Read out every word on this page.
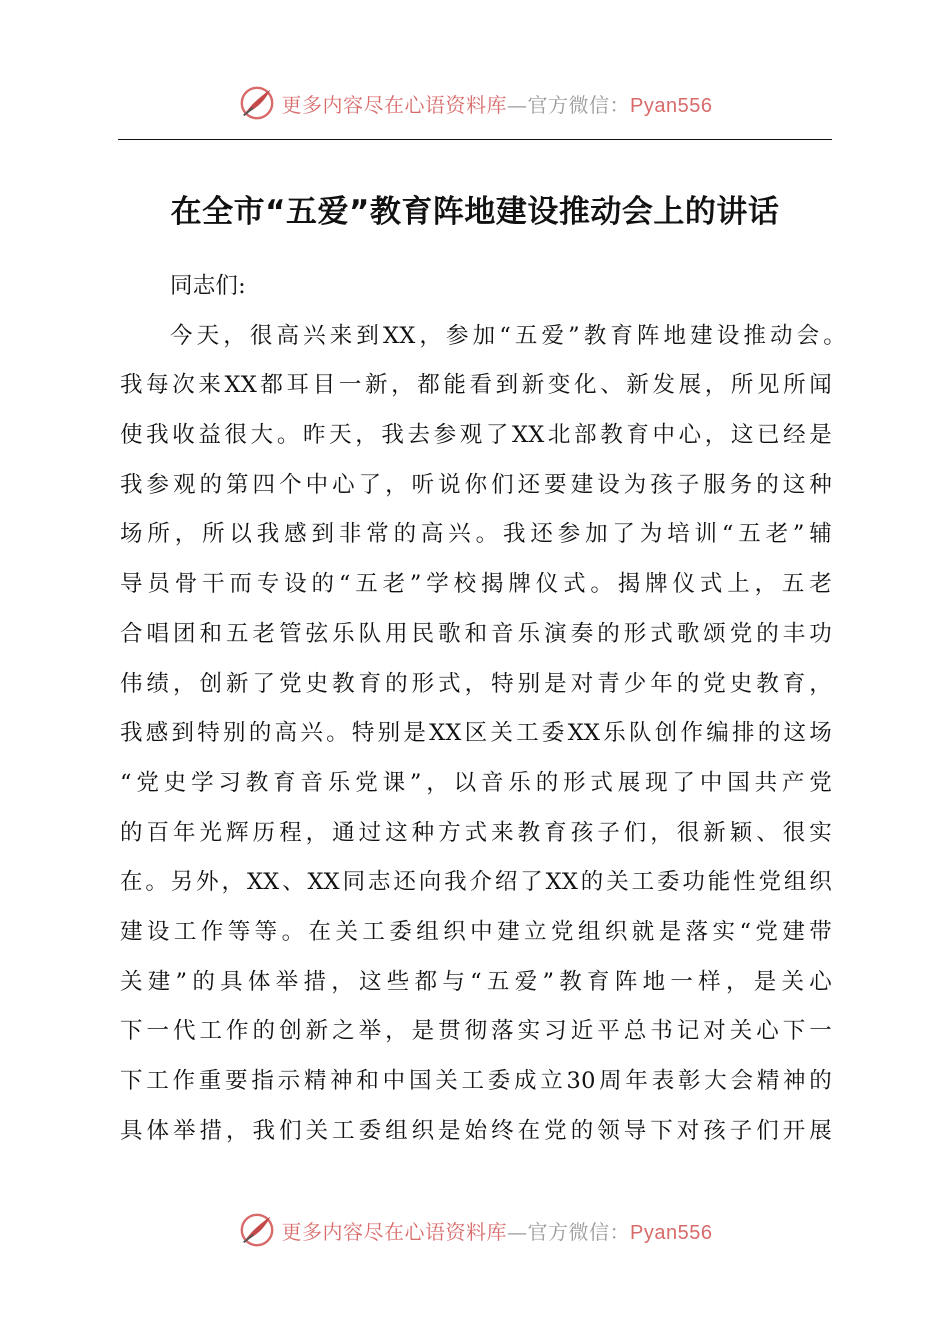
更多内容尽在心语资料库—官方微信：Pyan556
在全市“五爱”教育阵地建设推动会上的讲话
同志们:
今天，很高兴来到XX，参加“五爱”教育阵地建设推动会。
我每次来XX都耳目一新，都能看到新变化、新发展，所见所闻
使我收益很大。昨天，我去参观了XX北部教育中心，这已经是
我参观的第四个中心了，听说你们还要建设为孩子服务的这种
场所，所以我感到非常的高兴。我还参加了为培训“五老”辅
导员骨干而专设的“五老”学校揭牌仪式。揭牌仪式上，五老
合唱团和五老管弦乐队用民歌和音乐演奏的形式歌颂党的丰功
伟绩，创新了党史教育的形式，特别是对青少年的党史教育，
我感到特别的高兴。特别是XX区关工委XX乐队创作编排的这场
“党史学习教育音乐党课”，以音乐的形式展现了中国共产党
的百年光辉历程，通过这种方式来教育孩子们，很新颖、很实
在。另外，XX、XX同志还向我介绍了XX的关工委功能性党组织
建设工作等等。在关工委组织中建立党组织就是落实“党建带
关建”的具体举措，这些都与“五爱”教育阵地一样，是关心
下一代工作的创新之举，是贯彻落实习近平总书记对关心下一
下工作重要指示精神和中国关工委成立30周年表彰大会精神的
具体举措，我们关工委组织是始终在党的领导下对孩子们开展
更多内容尽在心语资料库—官方微信：Pyan556
